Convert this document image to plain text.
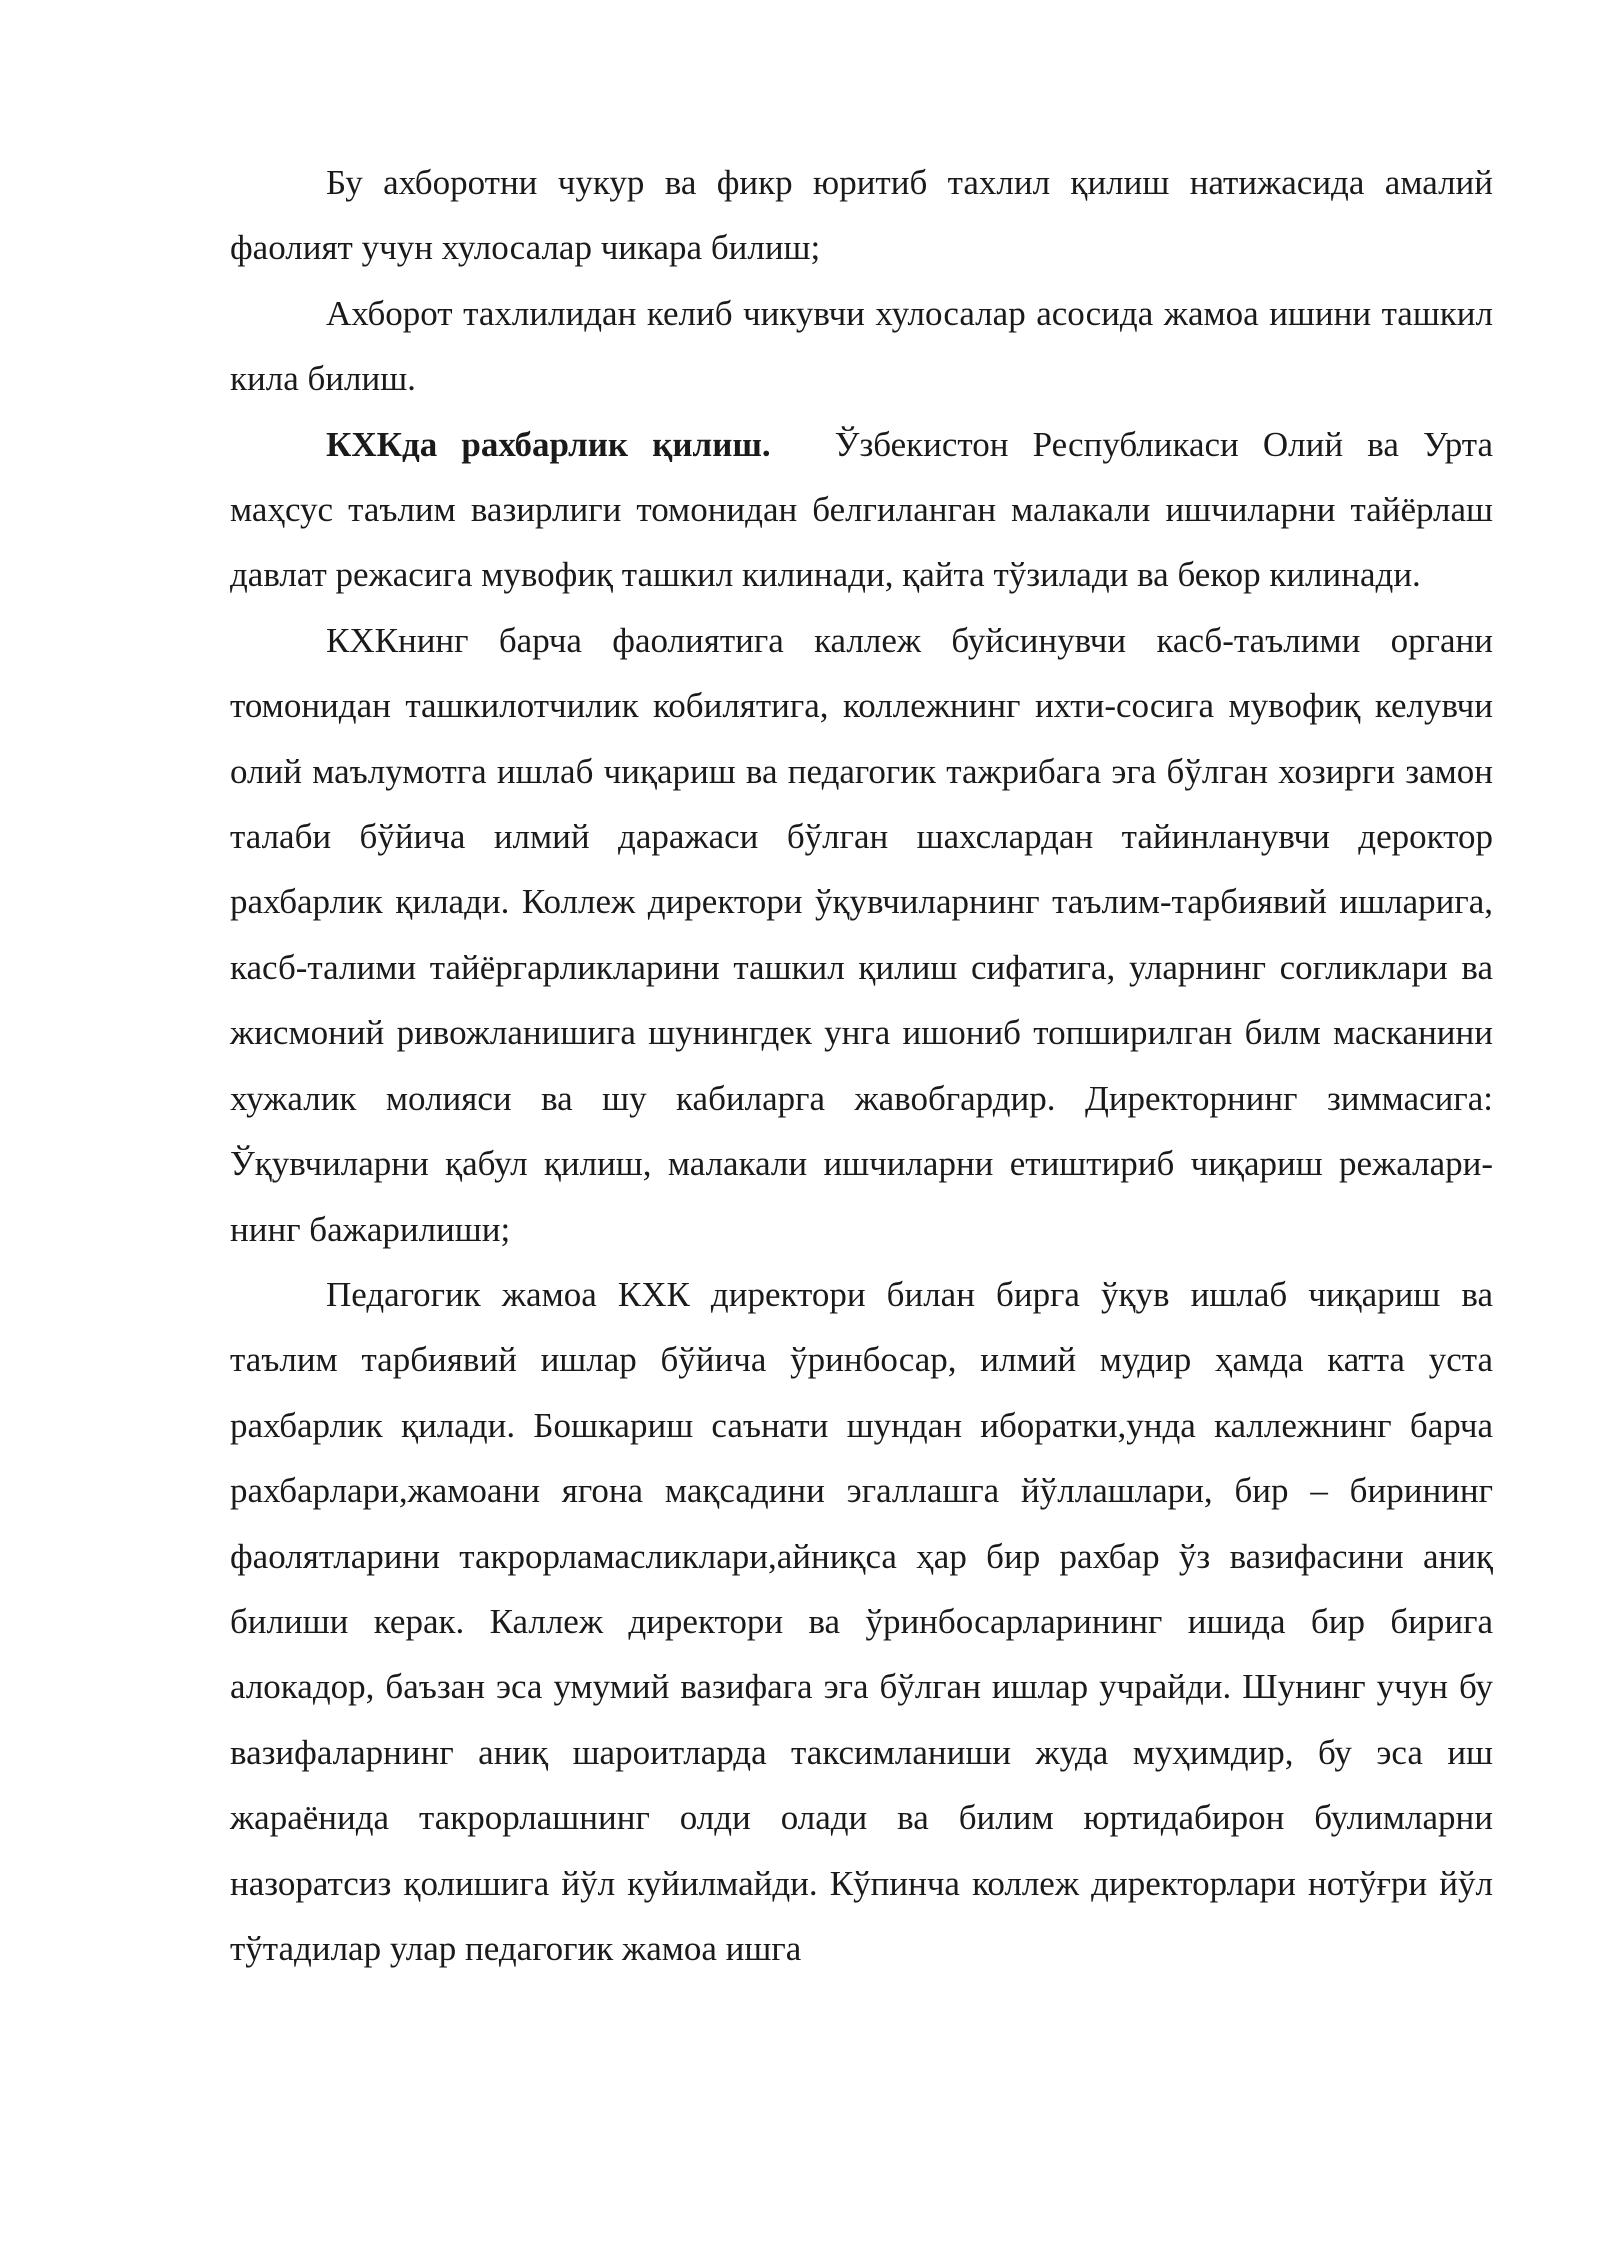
Бу ахборотни чукур ва фикр юритиб тахлил қилиш натижасида амалий фаолият учун хулосалар чикара билиш;

Ахборот тахлилидан келиб чикувчи хулосалар асосида жамоа ишини ташкил кила билиш.

КХКда рахбарлик қилиш. Ўзбекистон Республикаси Олий ва Урта маҳсус таълим вазирлиги томонидан белгиланган малакали ишчиларни тайёрлаш давлат режасига мувофиқ ташкил килинади, қайта тўзилади ва бекор килинади.

КХКнинг барча фаолиятига каллеж буйсинувчи касб-таълими органи томонидан ташкилотчилик кобилятига, коллежнинг ихти-сосига мувофиқ келувчи олий маълумотга ишлаб чиқариш ва педагогик тажрибага эга бўлган хозирги замон талаби бўйича илмий даражаси бўлган шахслардан тайинланувчи дероктор рахбарлик қилади. Коллеж директори ўқувчиларнинг таълим-тарбиявий ишларига, касб-талими тайёргарликларини ташкил қилиш сифатига, уларнинг согликлари ва жисмоний ривожланишига шунингдек унга ишониб топширилган билм масканини хужалик молияси ва шу кабиларга жавобгардир. Директорнинг зиммасига: Ўқувчиларни қабул қилиш, малакали ишчиларни етиштириб чиқариш режалари-нинг бажарилиши;

Педагогик жамоа КХК директори билан бирга ўқув ишлаб чиқариш ва таълим тарбиявий ишлар бўйича ўринбосар, илмий мудир ҳамда катта уста рахбарлик қилади. Бошкариш саънати шундан иборатки,унда каллежнинг барча рахбарлари,жамоани ягона мақсадини эгаллашга йўллашлари, бир – бирининг фаолятларини такрорламасликлари,айниқса ҳар бир рахбар ўз вазифасини аниқ билиши керак. Каллеж директори ва ўринбосарларининг ишида бир бирига алокадор, баъзан эса умумий вазифага эга бўлган ишлар учрайди. Шунинг учун бу вазифаларнинг аниқ шароитларда таксимланиши жуда муҳимдир, бу эса иш жараёнида такрорлашнинг олди олади ва билим юртидабирон булимларни назоратсиз қолишига йўл куйилмайди. Кўпинча коллеж директорлари нотўғри йўл тўтадилар улар педагогик жамоа ишга
